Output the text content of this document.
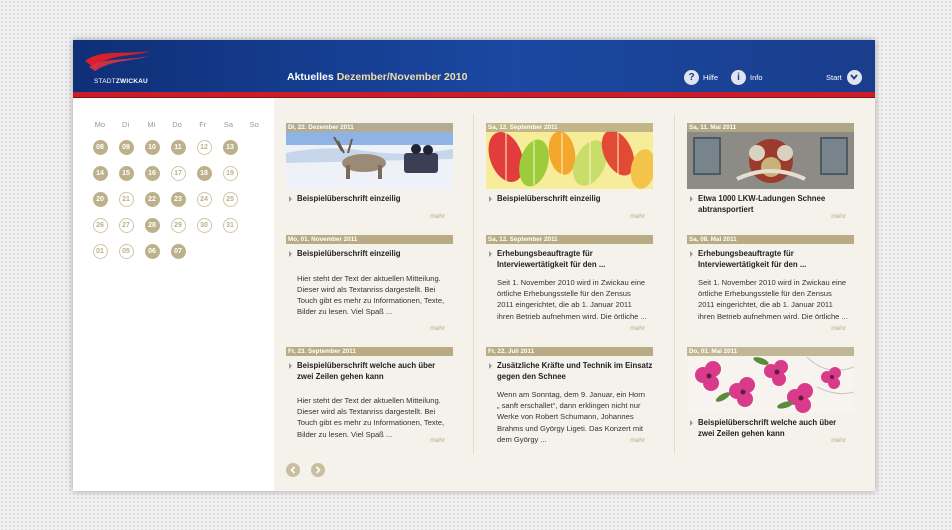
STADTZWICKAU	Aktuelles Dezember/November 2010	?	Hilfe	i	Info	Start
Mo	Di	Mi	Do	Fr	Sa	So
08	09	10	11	12	13
14	15	16	17	18	19
20	21	22	23	24	25
26	27	28	29	30	31
01	05	06	07
Di, 22. Dezember 2011
Beispielüberschrift einzeilig
mehr
Mo, 01. November 2011
Beispielüberschrift einzeilig
Hier steht der Text der aktuellen Mitteilung. Dieser wird als Textanriss dargestellt. Bei Touch gibt es mehr zu Informationen, Texte, Bilder zu lesen. Viel Spaß ...
mehr
Fr, 23. September 2011
Beispielüberschrift welche auch über zwei Zeilen gehen kann
Hier steht der Text der aktuellen Mitteilung. Dieser wird als Textanriss dargestellt. Bei Touch gibt es mehr zu Informationen, Texte, Bilder zu lesen. Viel Spaß ...
mehr
Sa, 12. September 2011
Beispielüberschrift einzeilig
mehr
Sa, 12. September 2011
Erhebungsbeauftragte für Interviewertätigkeit für den ...
Seit 1. November 2010 wird in Zwickau eine örtliche Erhebungsstelle für den Zensus 2011 eingerichtet, die ab 1. Januar 2011 ihren Betrieb aufnehmen wird. Die örtliche ...
mehr
Fr, 22. Juli 2011
Zusätzliche Kräfte und Technik im Einsatz gegen den Schnee
Wenn am Sonntag, dem 9. Januar, ein Horn „ sanft erschallet“, dann erklingen nicht nur Werke von Robert Schumann, Johannes Brahms und György Ligeti. Das Konzert mit dem György ...	mehr
Sa, 11. Mai 2011
Etwa 1000 LKW-Ladungen Schnee abtransportiert
mehr
Sa, 08. Mai 2011
Erhebungsbeauftragte für Interviewertätigkeit für den ...
Seit 1. November 2010 wird in Zwickau eine örtliche Erhebungsstelle für den Zensus 2011 eingerichtet, die ab 1. Januar 2011 ihren Betrieb aufnehmen wird. Die örtliche ...
mehr
Do, 01. Mai 2011
Beispielüberschrift welche auch über zwei Zeilen gehen kann
mehr
